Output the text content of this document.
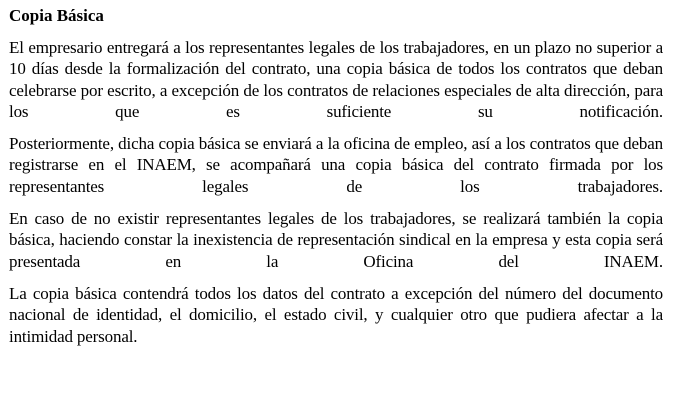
Copia Básica

El empresario entregará a los representantes legales de los trabajadores, en un plazo no superior a 10 días desde la formalización del contrato, una copia básica de todos los contratos que deban celebrarse por escrito, a excepción de los contratos de relaciones especiales de alta dirección, para los que es suficiente su notificación.

Posteriormente, dicha copia básica se enviará a la oficina de empleo, así a los contratos que deban registrarse en el INAEM, se acompañará una copia básica del contrato firmada por los representantes legales de los trabajadores.

En caso de no existir representantes legales de los trabajadores, se realizará también la copia básica, haciendo constar la inexistencia de representación sindical en la empresa y esta copia será presentada en la Oficina del INAEM.

La copia básica contendrá todos los datos del contrato a excepción del número del documento nacional de identidad, el domicilio, el estado civil, y cualquier otro que pudiera afectar a la intimidad personal.
